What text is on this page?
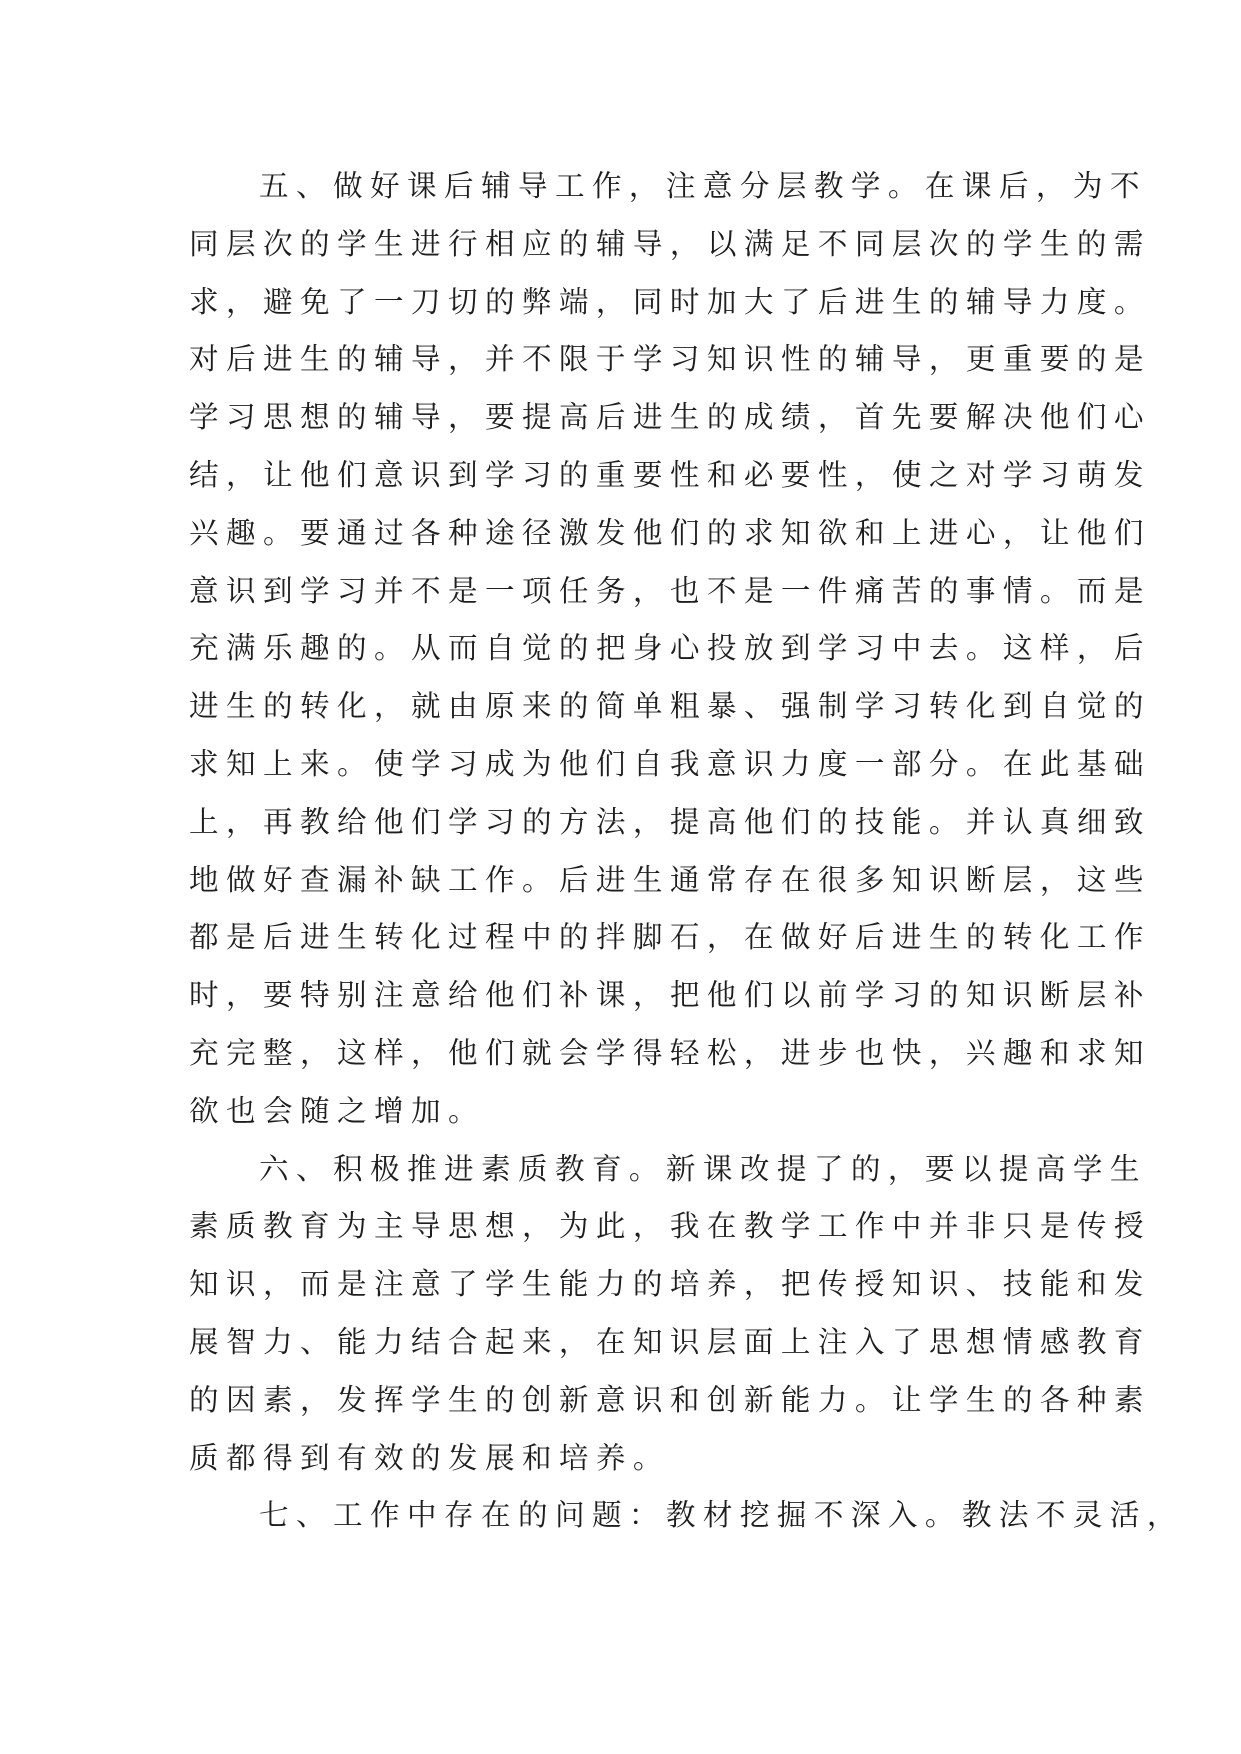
五、做好课后辅导工作，注意分层教学。在课后，为不
同层次的学生进行相应的辅导，以满足不同层次的学生的需
求，避免了一刀切的弊端，同时加大了后进生的辅导力度。
对后进生的辅导，并不限于学习知识性的辅导，更重要的是
学习思想的辅导，要提高后进生的成绩，首先要解决他们心
结，让他们意识到学习的重要性和必要性，使之对学习萌发
兴趣。要通过各种途径激发他们的求知欲和上进心，让他们
意识到学习并不是一项任务，也不是一件痛苦的事情。而是
充满乐趣的。从而自觉的把身心投放到学习中去。这样，后
进生的转化，就由原来的简单粗暴、强制学习转化到自觉的
求知上来。使学习成为他们自我意识力度一部分。在此基础
上，再教给他们学习的方法，提高他们的技能。并认真细致
地做好查漏补缺工作。后进生通常存在很多知识断层，这些
都是后进生转化过程中的拌脚石，在做好后进生的转化工作
时，要特别注意给他们补课，把他们以前学习的知识断层补
充完整，这样，他们就会学得轻松，进步也快，兴趣和求知
欲也会随之增加。
六、积极推进素质教育。新课改提了的，要以提高学生
素质教育为主导思想，为此，我在教学工作中并非只是传授
知识，而是注意了学生能力的培养，把传授知识、技能和发
展智力、能力结合起来，在知识层面上注入了思想情感教育
的因素，发挥学生的创新意识和创新能力。让学生的各种素
质都得到有效的发展和培养。
七、工作中存在的问题：教材挖掘不深入。教法不灵活，
